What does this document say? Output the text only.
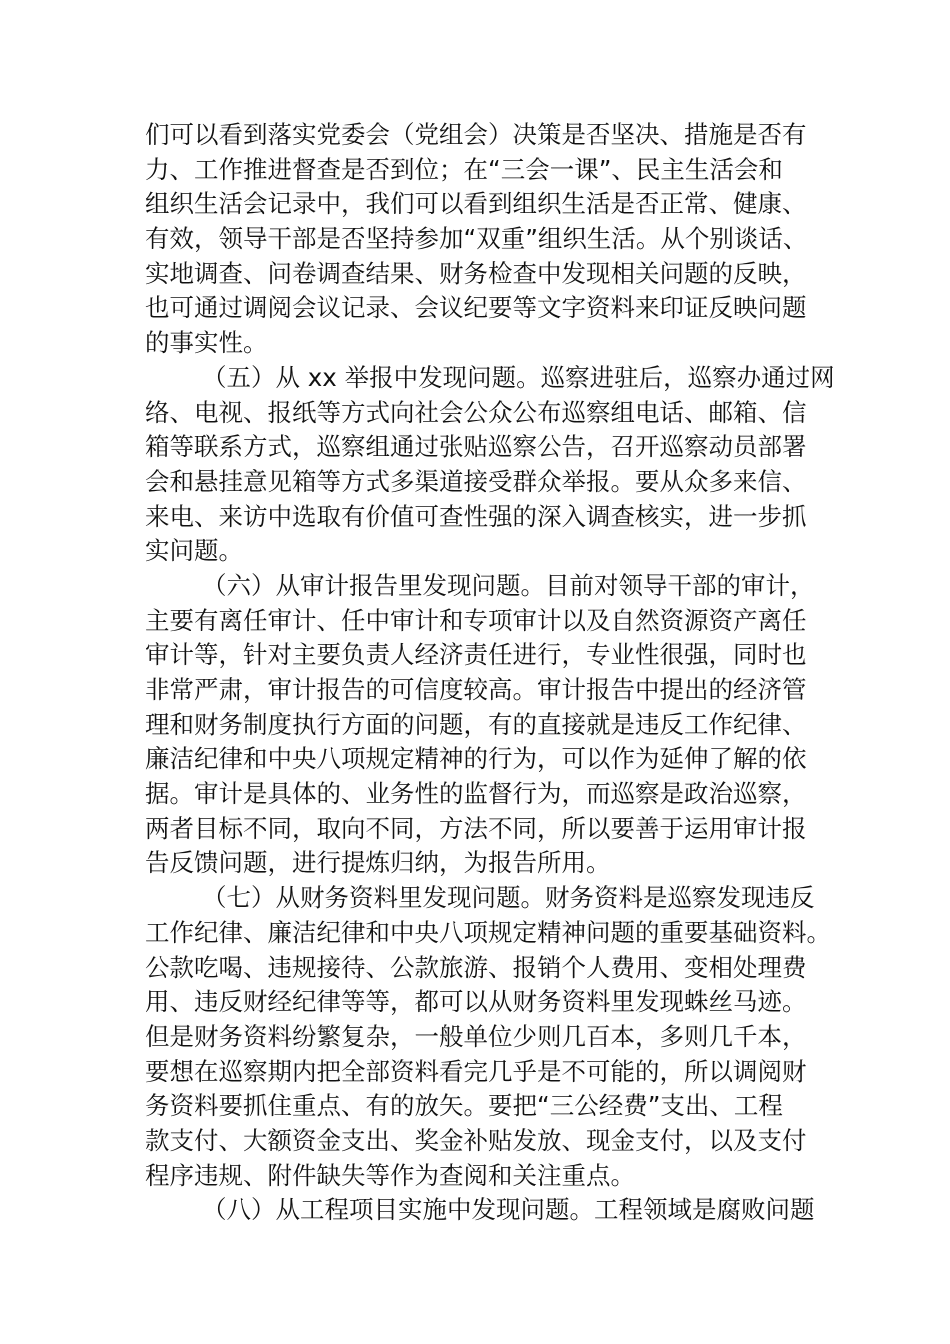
们可以看到落实党委会（党组会）决策是否坚决、措施是否有
力、工作推进督查是否到位；在“三会一课”、民主生活会和
组织生活会记录中，我们可以看到组织生活是否正常、健康、
有效，领导干部是否坚持参加“双重”组织生活。从个别谈话、
实地调查、问卷调查结果、财务检查中发现相关问题的反映，
也可通过调阅会议记录、会议纪要等文字资料来印证反映问题
的事实性。
（五）从 xx 举报中发现问题。巡察进驻后，巡察办通过网
络、电视、报纸等方式向社会公众公布巡察组电话、邮箱、信
箱等联系方式，巡察组通过张贴巡察公告，召开巡察动员部署
会和悬挂意见箱等方式多渠道接受群众举报。要从众多来信、
来电、来访中选取有价值可查性强的深入调查核实，进一步抓
实问题。
（六）从审计报告里发现问题。目前对领导干部的审计，
主要有离任审计、任中审计和专项审计以及自然资源资产离任
审计等，针对主要负责人经济责任进行，专业性很强，同时也
非常严肃，审计报告的可信度较高。审计报告中提出的经济管
理和财务制度执行方面的问题，有的直接就是违反工作纪律、
廉洁纪律和中央八项规定精神的行为，可以作为延伸了解的依
据。审计是具体的、业务性的监督行为，而巡察是政治巡察，
两者目标不同，取向不同，方法不同，所以要善于运用审计报
告反馈问题，进行提炼归纳，为报告所用。
（七）从财务资料里发现问题。财务资料是巡察发现违反
工作纪律、廉洁纪律和中央八项规定精神问题的重要基础资料。
公款吃喝、违规接待、公款旅游、报销个人费用、变相处理费
用、违反财经纪律等等，都可以从财务资料里发现蛛丝马迹。
但是财务资料纷繁复杂，一般单位少则几百本，多则几千本，
要想在巡察期内把全部资料看完几乎是不可能的，所以调阅财
务资料要抓住重点、有的放矢。要把“三公经费”支出、工程
款支付、大额资金支出、奖金补贴发放、现金支付，以及支付
程序违规、附件缺失等作为查阅和关注重点。
（八）从工程项目实施中发现问题。工程领域是腐败问题
